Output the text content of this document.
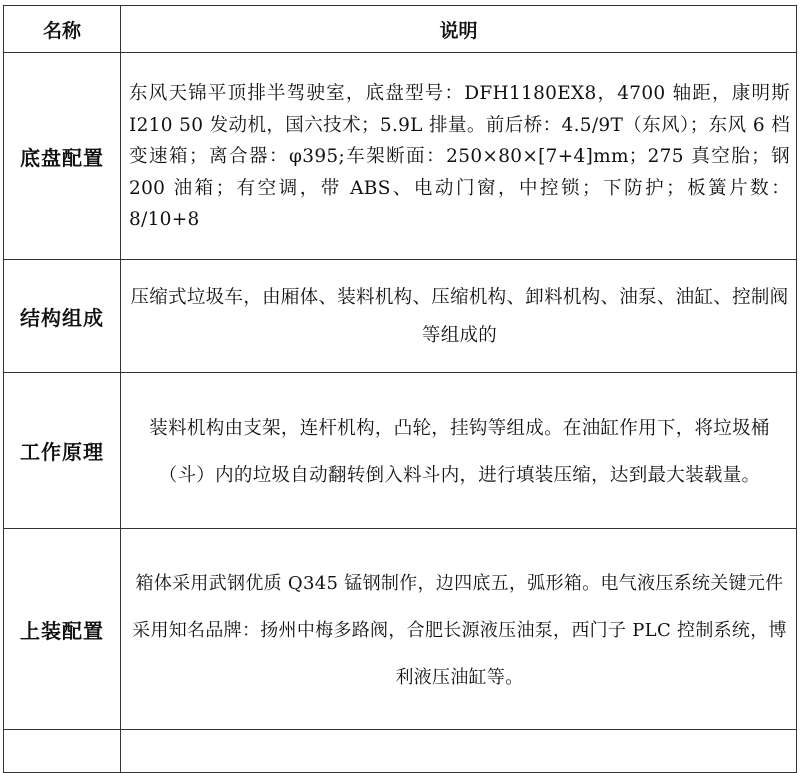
名称	说明
底盘配置	东风天锦平顶排半驾驶室，底盘型号：DFH1180EX8，4700 轴距，康明斯 I210 50 发动机，国六技术；5.9L 排量。前后桥：4.5/9T（东风）；东风 6 档变速箱；离合器：φ395;车架断面：250×80×[7+4]mm；275 真空胎；钢 200 油箱；有空调，带 ABS、电动门窗，中控锁；下防护；板簧片数：8/10+8
结构组成	压缩式垃圾车，由厢体、装料机构、压缩机构、卸料机构、油泵、油缸、控制阀等组成的
工作原理	装料机构由支架，连杆机构，凸轮，挂钩等组成。在油缸作用下，将垃圾桶（斗）内的垃圾自动翻转倒入料斗内，进行填装压缩，达到最大装载量。
上装配置	箱体采用武钢优质 Q345 锰钢制作，边四底五，弧形箱。电气液压系统关键元件采用知名品牌：扬州中梅多路阀，合肥长源液压油泵，西门子 PLC 控制系统，博利液压油缸等。
